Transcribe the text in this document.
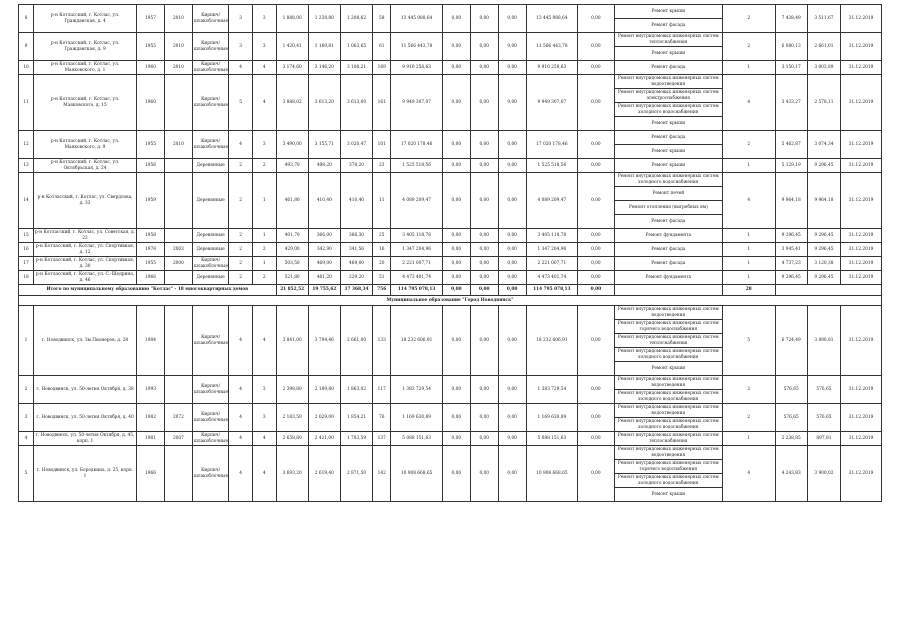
8	р-н Котласский, г. Котлас, ул. Гражданская, д. 4	1957	2010	Кирпич/шлакоблочные	3	3	1 888,00	1 238,80	1 208,62	58	13 445 988,64	0,00	0,00	0,00	13 445 988,64	0,00	Ремонт крыши	2	7 438,49	3 511,67	31.12.2019
																	Ремонт фасада				
9	р-н Котласский, г. Котлас, ул. Гражданская, д. 9	1955	2010	Кирпич/шлакоблочные	3	3	1 420,41	1 160,81	1 063,65	61	11 566 443,78	0,00	0,00	0,00	11 566 443,78	0,00	Ремонт внутридомовых инженерных систем теплоснабжения	2	6 080,13	2 661,01	31.12.2019
																	Ремонт крыши				
10	р-н Котласский, г. Котлас, ул. Маяковского, д. 1	1960	2010	Кирпич/шлакоблочные	4	4	3 174,60	3 146,20	3 108,21	169	9 910 258,63	0,00	0,00	0,00	9 910 258,63	0,00	Ремонт фасада	1	3 150,17	3 003,89	31.12.2019
11	р-н Котласский, г. Котлас, ул. Маяковского, д. 15	1960		Кирпич/шлакоблочные	5	4	3 888,02	3 613,20	3 613,00	161	9 949 307,07	0,00	0,00	0,00	9 949 307,07	0,00	Ремонт внутридомовых инженерных систем водоотведения	4	3 433,27	2 578,11	31.12.2019
																	Ремонт внутридомовых инженерных систем электроснабжения				
																	Ремонт внутридомовых инженерных систем холодного водоснабжения				
																	Ремонт крыши				
12	р-н Котласский, г. Котлас, ул. Маяковского, д. 9	1955	2010	Кирпич/шлакоблочные	4	3	3 490,00	3 155,71	3 020,47	101	17 020 178,46	0,00	0,00	0,00	17 020 178,46	0,00	Ремонт фасада	2	5 462,87	3 074,34	31.12.2019
																	Ремонт крыши				
13	р-н Котласский, г. Котлас, ул. Октябрьская, д. 24	1956		Деревянные	2	2	493,70	498,20	378,20	23	1 525 518,56	0,00	0,00	0,00	1 525 518,56	0,00	Ремонт крыши	1	5 129,19	9 296,45	31.12.2019
14	р-н Котласский, г. Котлас, ул. Свердлова, д. 33	1959		Деревянные	2	1	461,80	410,40	410,40	11	4 089 209,47	0,00	0,00	0,00	4 089 209,47	0,00	Ремонт внутридомовых инженерных систем холодного водоснабжения	4	9 964,18	9 964,18	31.12.2019
																	Ремонт печей				
																	Ремонт отопления (выгребных ям)				
																	Ремонт фасада				
15	р-н Котласский, г. Котлас, ул. Советская, д. 22	1958		Деревянные	2	1	401,70	366,00	366,30	25	3 405 118,78	0,00	0,00	0,00	3 405 118,78	0,00	Ремонт фундамента	1	9 296,45	9 296,45	31.12.2019
16	р-н Котласский, г. Котлас, ул. Спортивная, д. 12	1978	2003	Деревянные	2	2	429,00	342,90	341,56	16	1 347 204,96	0,00	0,00	0,00	1 347 204,96	0,00	Ремонт фасада	1	3 945,41	9 296,45	31.12.2019
17	р-н Котласский, г. Котлас, ул. Спортивная, д. 30	1955	2000	Кирпич/шлакоблочные	2	1	503,50	469,00	469,00	20	2 221 007,71	0,00	0,00	0,00	2 221 007,71	0,00	Ремонт фасада	1	4 737,23	3 120,38	31.12.2019
18	р-н Котласский, г. Котлас, ул. С.-Щедрина, д. 46	1966		Деревянные	2	2	521,80	481,20	229,20	51	4 473 401,74	0,00	0,00	0,00	4 473 401,74	0,00	Ремонт фундамента	1	9 296,45	9 296,45	31.12.2019
Итого по муниципальному образованию "Котлас" - 18 многоквартирных домов							21 852,52	19 755,62	17 368,34	756	114 795 078,13	0,00	0,00	0,00	114 795 078,13	0,00		28			
Муниципальное образование "Город Новодвинск"																					
1	г. Новодвинск, ул. Зм.Пионеров, д. 28	1984		Кирпич/шлакоблочные	4	4	3 841,00	3 794,46	2 661,00	133	18 232 606,91	0,00	0,00	0,00	18 232 606,91	0,00	Ремонт внутридомовых инженерных систем водоотведения	5	6 724,49	3 890,81	31.12.2019
																	Ремонт внутридомовых инженерных систем горячего водоснабжения				
																	Ремонт внутридомовых инженерных систем теплоснабжения				
																	Ремонт внутридомовых инженерных систем холодного водоснабжения				
																	Ремонт крыши				
2	г. Новодвинск, ул. 50-летия Октября, д. 38	1993		Кирпич/шлакоблочные	4	3	2 398,80	2 189,80	1 863,02	117	1 383 729,54	0,00	0,00	0,00	1 383 729,54	0,00	Ремонт внутридомовых инженерных систем водоотведения	2	576,65	576,65	31.12.2019
																	Ремонт внутридомовых инженерных систем холодного водоснабжения				
3	г. Новодвинск, ул. 50-летия Октября, д. 40	1982	2072	Кирпич/шлакоблочные	4	3	2 183,50	2 029,00	1 854,21	76	1 169 630,89	0,00	0,00	0,00	1 169 630,89	0,00	Ремонт внутридомовых инженерных систем водоотведения	2	576,65	576,65	31.12.2019
																	Ремонт внутридомовых инженерных систем холодного водоснабжения				
4	г. Новодвинск, ул. 50-летия Октября, д. 45, корп. 1	1981	2007	Кирпич/шлакоблочные	4	4	2 658,80	2 421,00	1 783,59	137	5 088 151,63	0,00	0,00	0,00	5 088 151,63	0,00	Ремонт внутридомовых инженерных систем теплоснабжения	1	2 238,85	897,81	31.12.2019
5	г. Новодвинск, ул. Бородкина, д. 25, корп. 1	1966		Кирпич/шлакоблочные	4	4	3 693,20	2 619,40	2 871,50	142	10 908 668,65	0,00	0,00	0,00	10 908 668,65	0,00	Ремонт внутридомовых инженерных систем водоотведения	4	4 243,83	3 900,02	31.12.2019
																	Ремонт внутридомовых инженерных систем горячего водоснабжения				
																	Ремонт внутридомовых инженерных систем холодного водоснабжения				
																	Ремонт крыши				
